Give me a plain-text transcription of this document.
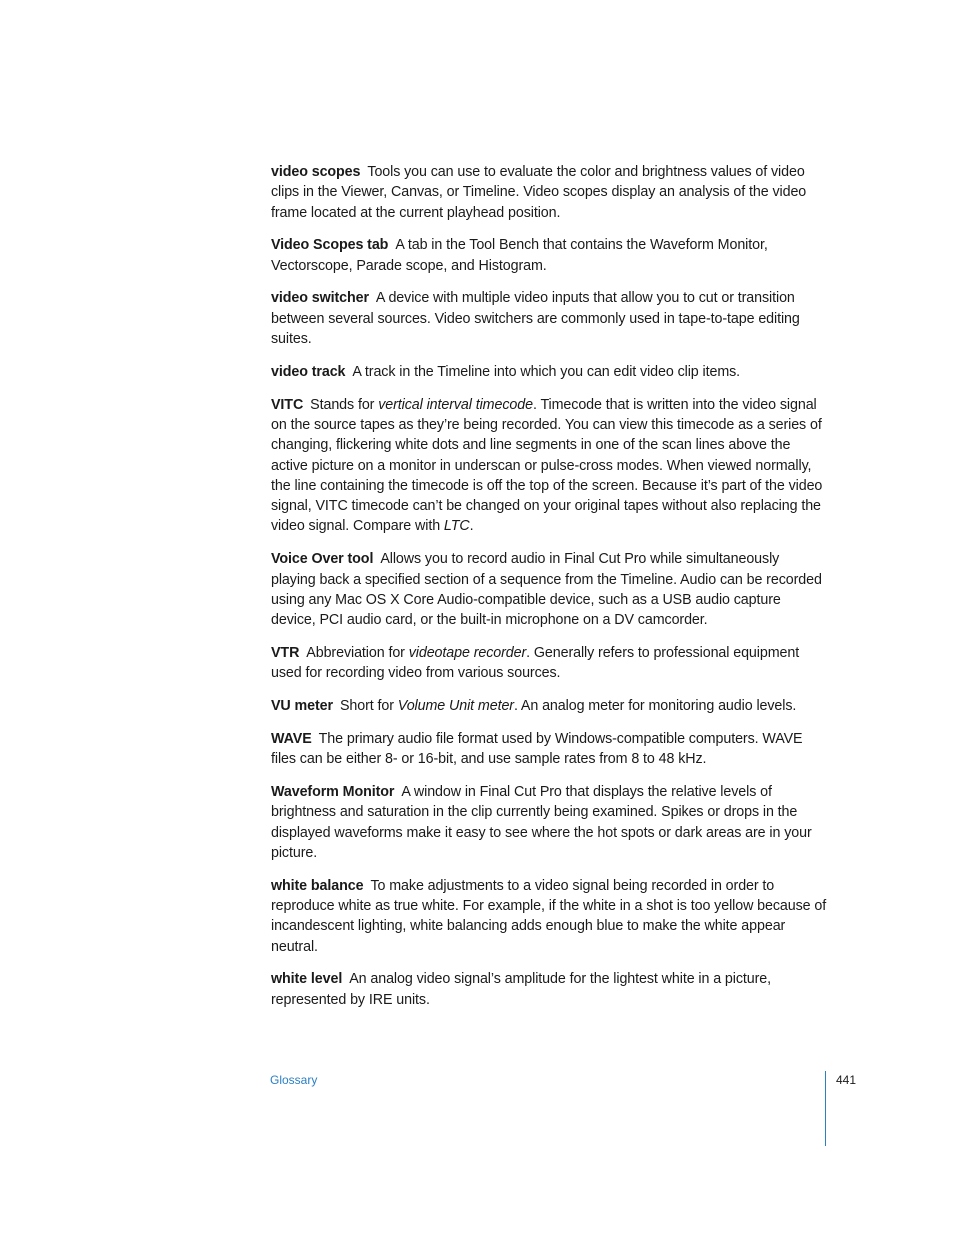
video scopes Tools you can use to evaluate the color and brightness values of video clips in the Viewer, Canvas, or Timeline. Video scopes display an analysis of the video frame located at the current playhead position.

Video Scopes tab A tab in the Tool Bench that contains the Waveform Monitor, Vectorscope, Parade scope, and Histogram.

video switcher A device with multiple video inputs that allow you to cut or transition between several sources. Video switchers are commonly used in tape-to-tape editing suites.

video track A track in the Timeline into which you can edit video clip items.

VITC Stands for vertical interval timecode. Timecode that is written into the video signal on the source tapes as they’re being recorded. You can view this timecode as a series of changing, flickering white dots and line segments in one of the scan lines above the active picture on a monitor in underscan or pulse-cross modes. When viewed normally, the line containing the timecode is off the top of the screen. Because it’s part of the video signal, VITC timecode can’t be changed on your original tapes without also replacing the video signal. Compare with LTC.

Voice Over tool Allows you to record audio in Final Cut Pro while simultaneously playing back a specified section of a sequence from the Timeline. Audio can be recorded using any Mac OS X Core Audio-compatible device, such as a USB audio capture device, PCI audio card, or the built-in microphone on a DV camcorder.

VTR Abbreviation for videotape recorder. Generally refers to professional equipment used for recording video from various sources.

VU meter Short for Volume Unit meter. An analog meter for monitoring audio levels.

WAVE The primary audio file format used by Windows-compatible computers. WAVE files can be either 8- or 16-bit, and use sample rates from 8 to 48 kHz.

Waveform Monitor A window in Final Cut Pro that displays the relative levels of brightness and saturation in the clip currently being examined. Spikes or drops in the displayed waveforms make it easy to see where the hot spots or dark areas are in your picture.

white balance To make adjustments to a video signal being recorded in order to reproduce white as true white. For example, if the white in a shot is too yellow because of incandescent lighting, white balancing adds enough blue to make the white appear neutral.

white level An analog video signal’s amplitude for the lightest white in a picture, represented by IRE units.

Glossary	441
